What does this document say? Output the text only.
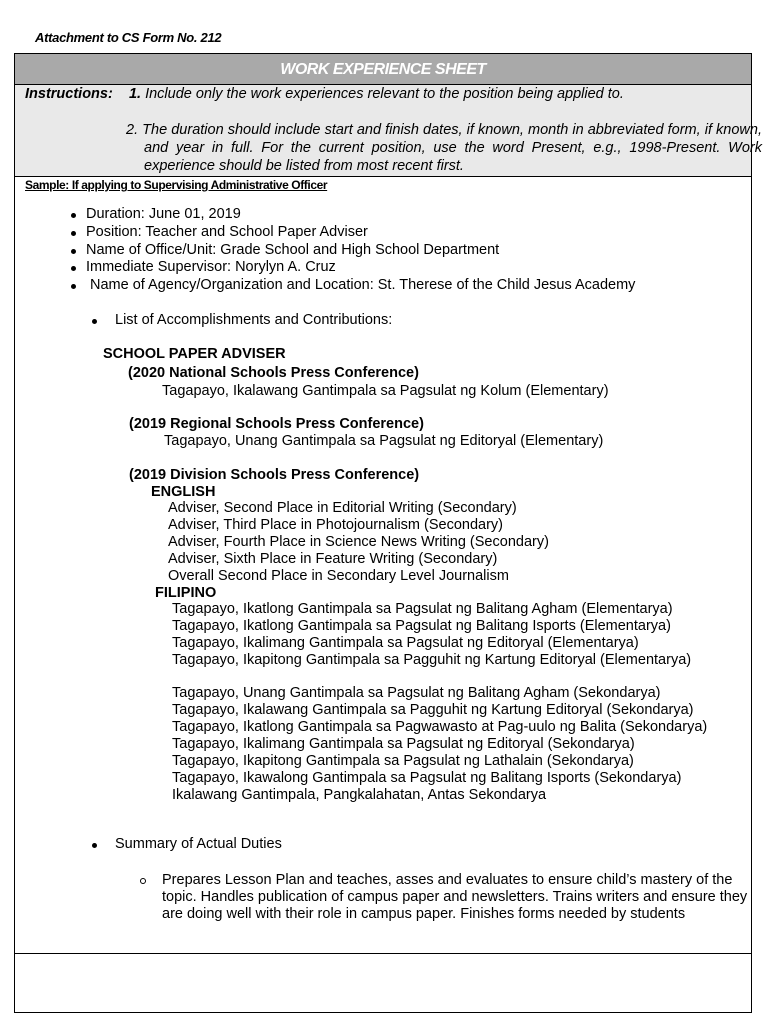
Attachment to CS Form No. 212
WORK EXPERIENCE SHEET
Instructions: 1. Include only the work experiences relevant to the position being applied to.
2. The duration should include start and finish dates, if known, month in abbreviated form, if known, and year in full. For the current position, use the word Present, e.g., 1998-Present. Work experience should be listed from most recent first.
Sample: If applying to Supervising Administrative Officer
Duration: June 01, 2019
Position: Teacher and School Paper Adviser
Name of Office/Unit: Grade School and High School Department
Immediate Supervisor: Norylyn A. Cruz
Name of Agency/Organization and Location: St. Therese of the Child Jesus Academy
List of Accomplishments and Contributions:
SCHOOL PAPER ADVISER
(2020 National Schools Press Conference)
Tagapayo, Ikalawang Gantimpala sa Pagsulat ng Kolum (Elementary)
(2019 Regional Schools Press Conference)
Tagapayo, Unang Gantimpala sa Pagsulat ng Editoryal (Elementary)
(2019 Division Schools Press Conference)
ENGLISH
Adviser, Second Place in Editorial Writing (Secondary)
Adviser, Third Place in Photojournalism (Secondary)
Adviser, Fourth Place in Science News Writing (Secondary)
Adviser, Sixth Place in Feature Writing (Secondary)
Overall Second Place in Secondary Level Journalism
FILIPINO
Tagapayo, Ikatlong Gantimpala sa Pagsulat ng Balitang Agham (Elementarya)
Tagapayo, Ikatlong Gantimpala sa Pagsulat ng Balitang Isports (Elementarya)
Tagapayo, Ikalimang Gantimpala sa Pagsulat ng Editoryal (Elementarya)
Tagapayo, Ikapitong Gantimpala sa Pagguhit ng Kartung Editoryal (Elementarya)
Tagapayo, Unang Gantimpala sa Pagsulat ng Balitang Agham (Sekondarya)
Tagapayo, Ikalawang Gantimpala sa Pagguhit ng Kartung Editoryal (Sekondarya)
Tagapayo, Ikatlong Gantimpala sa Pagwawasto at Pag-uulo ng Balita (Sekondarya)
Tagapayo, Ikalimang Gantimpala sa Pagsulat ng Editoryal (Sekondarya)
Tagapayo, Ikapitong Gantimpala sa Pagsulat ng Lathalain (Sekondarya)
Tagapayo, Ikawalong Gantimpala sa Pagsulat ng Balitang Isports (Sekondarya)
Ikalawang Gantimpala, Pangkalahatan, Antas Sekondarya
Summary of Actual Duties
Prepares Lesson Plan and teaches, asses and evaluates to ensure child’s mastery of the topic. Handles publication of campus paper and newsletters. Trains writers and ensure they are doing well with their role in campus paper. Finishes forms needed by students
